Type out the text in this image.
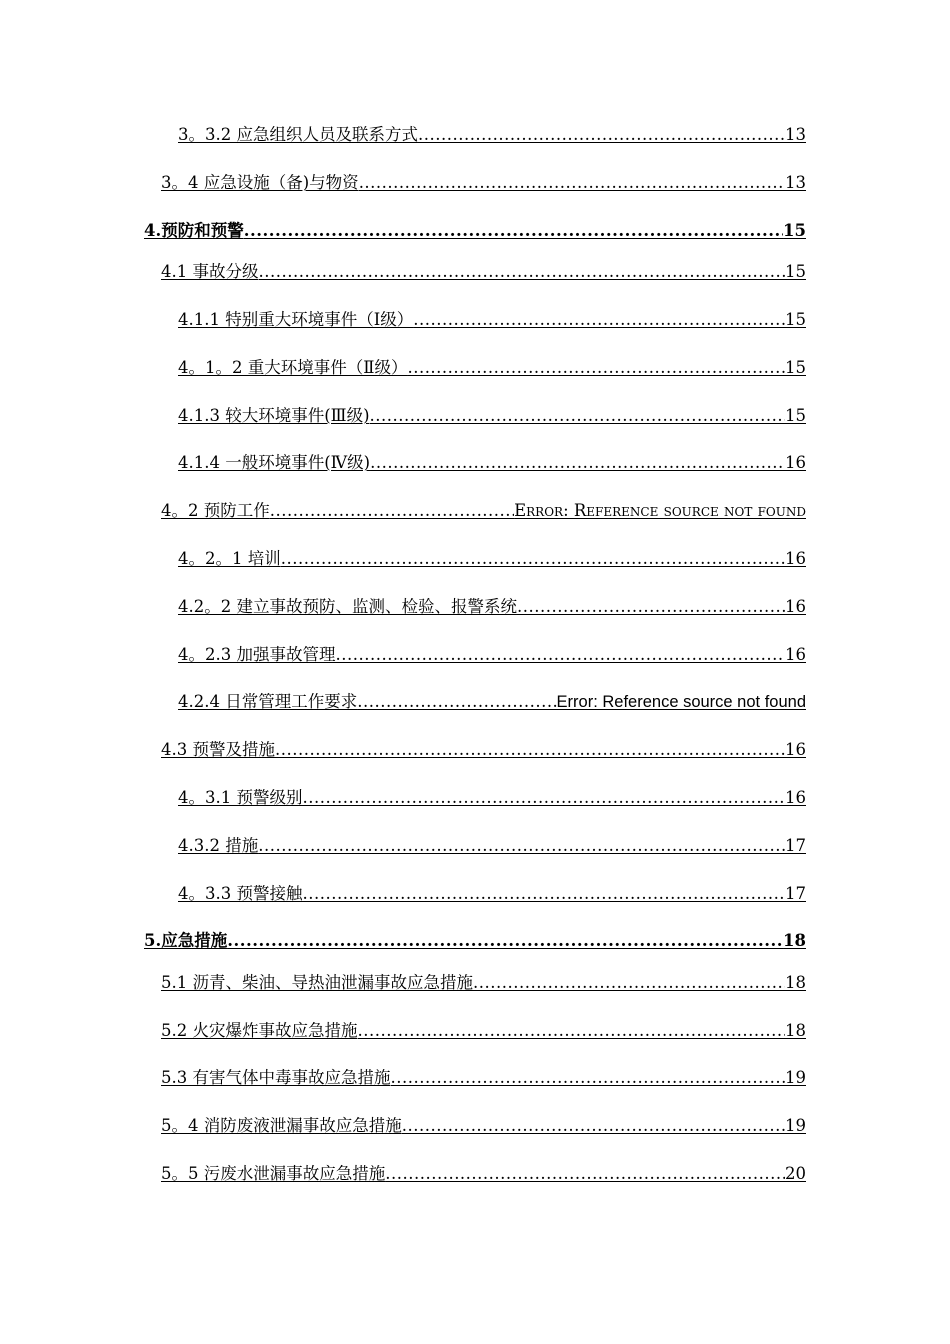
3。3.2 应急组织人员及联系方式 .....	13
3。4 应急设施（备)与物资 .....	13
4.预防和预警 .....	15
4.1 事故分级 .....	15
4.1.1 特别重大环境事件（Ⅰ级） .....	15
4。1。2 重大环境事件（Ⅱ级） .....	15
4.1.3 较大环境事件(Ⅲ级) .....	15
4.1.4 一般环境事件(Ⅳ级) .....	16
4。2 预防工作 .....	Error: Reference source not found
4。2。1 培训 .....	16
4.2。2 建立事故预防、监测、检验、报警系统 .....	16
4。2.3 加强事故管理 .....	16
4.2.4 日常管理工作要求 .....	Error: Reference source not found
4.3 预警及措施 .....	16
4。3.1 预警级别 .....	16
4.3.2 措施 .....	17
4。3.3 预警接触 .....	17
5.应急措施 .....	18
5.1 沥青、柴油、导热油泄漏事故应急措施 .....	18
5.2 火灾爆炸事故应急措施 .....	18
5.3 有害气体中毒事故应急措施 .....	19
5。4 消防废液泄漏事故应急措施 .....	19
5。5 污废水泄漏事故应急措施 .....	20
